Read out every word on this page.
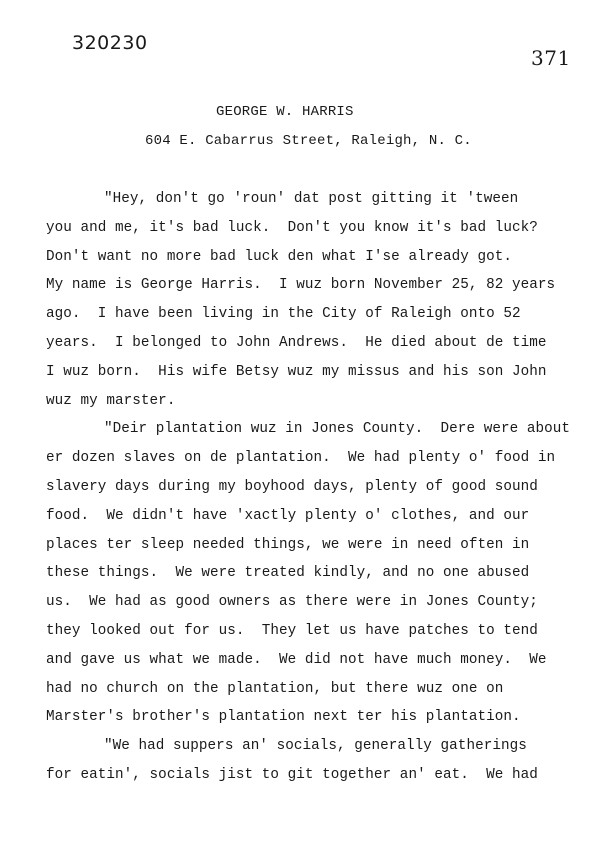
320230
371
GEORGE W. HARRIS
604 E. Cabarrus Street, Raleigh, N. C.
"Hey, don't go 'roun' dat post gitting it 'tween
you and me, it's bad luck.  Don't you know it's bad luck?
Don't want no more bad luck den what I'se already got.
My name is George Harris.  I wuz born November 25, 82 years
ago.  I have been living in the City of Raleigh onto 52
years.  I belonged to John Andrews.  He died about de time
I wuz born.  His wife Betsy wuz my missus and his son John
wuz my marster.
"Deir plantation wuz in Jones County.  Dere were about
er dozen slaves on de plantation.  We had plenty o' food in
slavery days during my boyhood days, plenty of good sound
food.  We didn't have 'xactly plenty o' clothes, and our
places ter sleep needed things, we were in need often in
these things.  We were treated kindly, and no one abused
us.  We had as good owners as there were in Jones County;
they looked out for us.  They let us have patches to tend
and gave us what we made.  We did not have much money.  We
had no church on the plantation, but there wuz one on
Marster's brother's plantation next ter his plantation.
"We had suppers an' socials, generally gatherings
for eatin', socials jist to git together an' eat.  We had
